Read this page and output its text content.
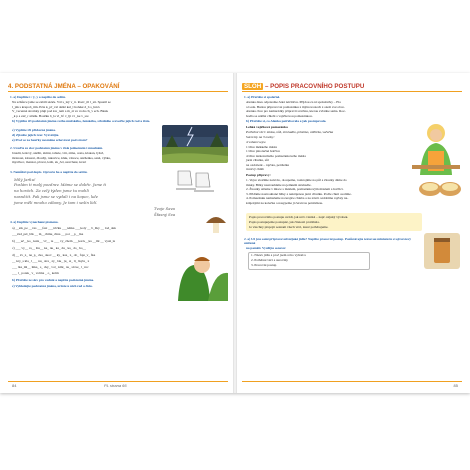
4. PODSTATNÁ JMÉNA – OPAKOVÁNÍ
1. a) Doplňte í / ý, y a napište do sešitu.
Na schůzce jsme se zabili skórk. Vál s_laý v_tr. Rozv_til l_sti. Spustil se
l_ják s krupob_tím. Prša k_př_val deště kal_l hořeké d_b s_lnici.
V_vecenné stromky plují pod kw_tem a m_zí ve vodu ch_v ech. Blesk
_k p a zaž_r střešk. Bouřku b_la vl_bť v_lji ví _ke v_sre
b) Vyplňte tři podstatná jména svého mužského, ženského, středního a uveďte jejich rod a číslo.
c) Vyplňte tři přídavná jména.
d) Zjistěte jejich tvar. Vyzvětijte.
e) Proč se za bouřky nesmíme schovávat pod strom?
2. Uveďte ze slov podstatná jména v čísle jednotném i množném.
bruslit, ledový, sněžit, zimní, tabule, vítr, zima, cesta, klokan, lyžař,
mrznout, klouzat, dlouhý, rukavice, kluk, vánoce, sněženka, saně, výška,
myslivec, manzat, plavat, letět, sk_čel, uzavřené, kvart
3. Nemůžeš pod dopis. Opravte ho a napište do sešitu.
Milý Jarku!
Poslám ti malý pozdrav. Máme se dobře. Jsme ti
na horách. Za celý týden jsme tu mohli
nasněžit. Pak jsme se vydali i na kopec, kde
jsme měli mnoho zábavy. Je tam i sešin lidí.
Tvoje Sava
Šťasný Sva
4. a) Doplňte vynechané písmena.
a) __stk_pe __vas ___fast ___tričku ___tehka ___koly __ b_žky __ lod_dek
___žad_pét_blk __ m__chmu_chna __ pot __p__lka
b) ___uč__ko_ kula__ vč__ te ___ vy_chem ___kat k__ka __ml __ vyuš_le
c) ___ vy__ ra__ štu__ ka_ nu_ ka_ du_ ka_ do_ ho__
d) __ zv_z_ na_p_ cka_ skov __ ky_ kas_ z_ ob_ foje_v_ fka
__ kry_s kla_ l___ nu_ stra_ zy_ lsk_ ju_ st_ li_ lkyla_ x
___ lka_ml__ lúka_ s_ cky_ vol_ kmí_ ns_ slove_ l_vec
___ l_ potek_ v_ volma _ o_ kolm
b) Přečtěte ze slov pro veduté a napište podstatná jména.
c) Vyhledejte podstatná jména, určete u nich rod a číslo.
84	PL strana 66
SLOH – POPIS PRACOVNÍHO POSTUPU
1. a) Přečtěte si společně.
Alenka dnes odpoledne čeká návštěvu. Přijdou za ní spolužačky – Ela
a Lada. Budou připravovat pomazánku z mýtnovostech z okolí své obce.
Alenka chce pro kamarádky připravit svačinu, kterou zvládne sama. Roz-
hodla se udělat chlebi s vajíčkovou pomazánkou.
b) Přečtěte si, co Alenka potřebovala a jak postupovala.
Lehká vajíčková pomazánka
Potřebné věci: miska, nůž, struhadlo, prkénko, vidlička, vařečka
Suroviny na 3 osoby:
4 vařená vejce
1 lžíce měkkého másla
1 lžíce plnotučné hořčice
4 lžíce nízkotučného pomazánkového másla
jarní cibulka, sůl
na ozdobení – rajčata, petrželka
čerstvý chléb
Postup přípravy:
1. Vejce uvaříme natvrdo, oloupeme, rozkrojíme na půl a žloutky dáme do
misky. Bílky nastrouháme na jemném struhadle.
2. Žloutky utřeme v misce s máslem, pomazánkovým máslem a hořčicí.
3. Přidáme nastrouhané bílky a nakrájenou jarní cibulku. Podle chuti osolíme.
4. Pomazánku namažeme na krajíce chleba a na závěr ozdobíme rajčaty na-
krájenými na kolečka a nasypeme ji čerstvou petrželkou.
Popis pracovního postupu uvádí, jak určo vzniká – např. nějaký výrobek.
Popis postupujeme postupně, jak činnosti probíhala.
Je všechny přepojit seznam všech věcí, které potřebujeme.
2. a) Už jste sami připravovali nějaké jídlo? Napište pracovní postup. Pozůstávejte textovou miniaturu svojí textový smíšené
na paměti. Využijte osnovu:
1. Název jídla a proč jsem si ho vybral/a
2. Potřebné věci a suroviny
3. Pracovní postup
85
